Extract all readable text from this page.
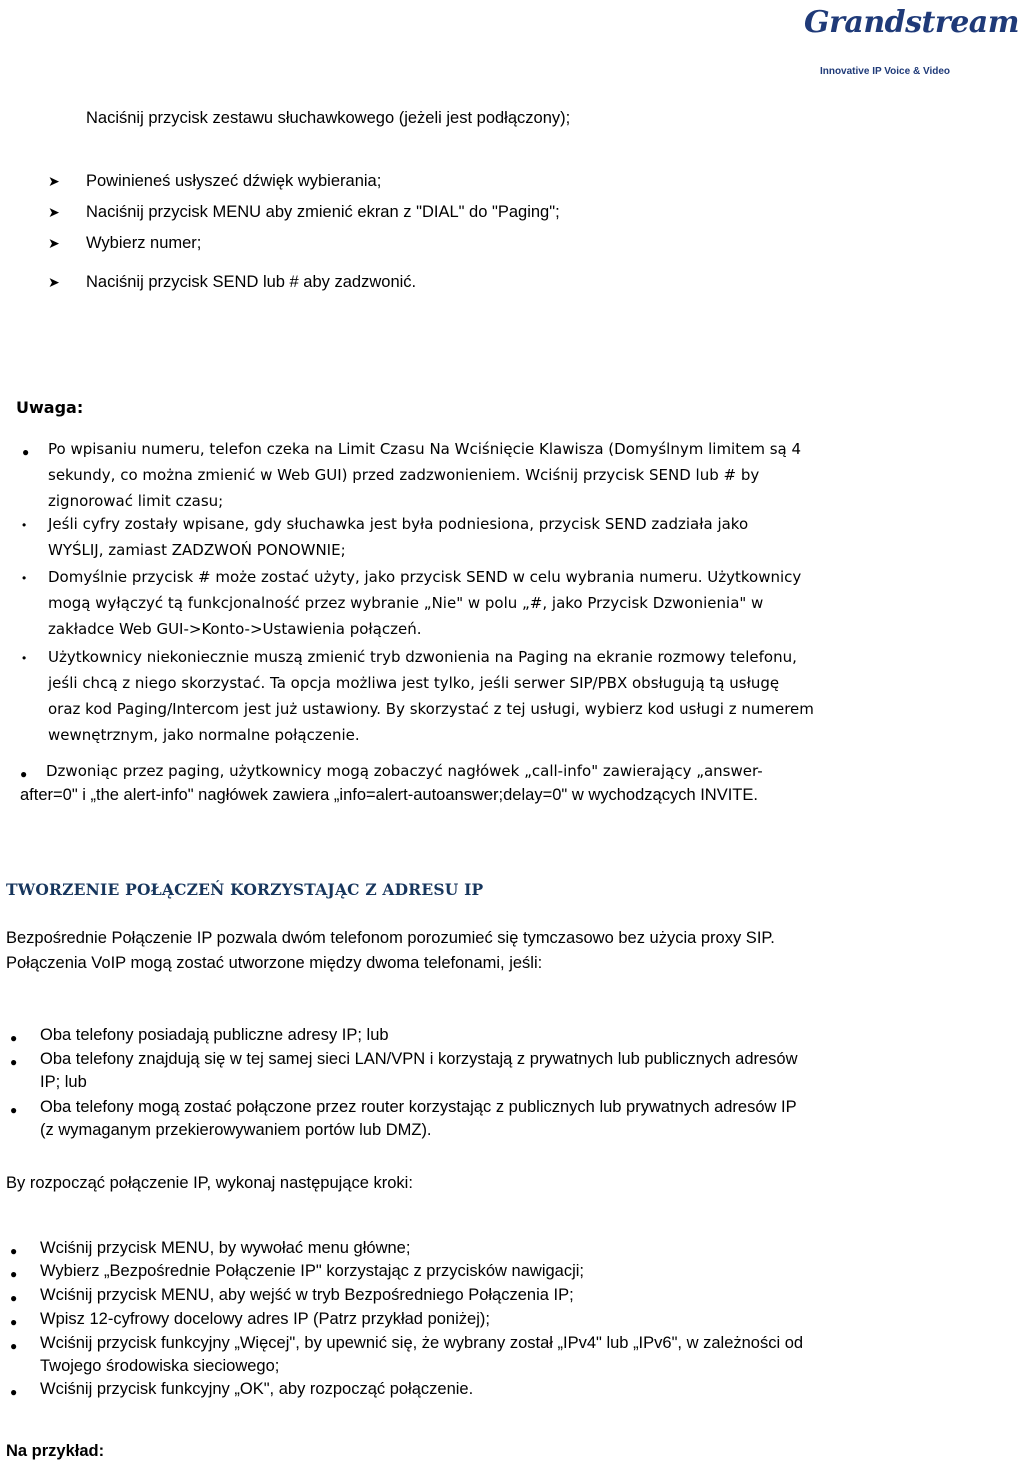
Grandstream
Innovative IP Voice & Video
Naciśnij przycisk zestawu słuchawkowego (jeżeli jest podłączony);
➤ Powinieneś usłyszeć dźwięk wybierania;
➤ Naciśnij przycisk MENU aby zmienić ekran z "DIAL" do "Paging";
➤ Wybierz numer;
➤ Naciśnij przycisk SEND lub # aby zadzwonić.
Uwaga:
● Po wpisaniu numeru, telefon czeka na Limit Czasu Na Wciśnięcie Klawisza (Domyślnym limitem są 4
sekundy, co można zmienić w Web GUI) przed zadzwonieniem. Wciśnij przycisk SEND lub # by
zignorować limit czasu;
• Jeśli cyfry zostały wpisane, gdy słuchawka jest była podniesiona, przycisk SEND zadziała jako
WYŚLIJ, zamiast ZADZWOŃ PONOWNIE;
• Domyślnie przycisk # może zostać użyty, jako przycisk SEND w celu wybrania numeru. Użytkownicy
mogą wyłączyć tą funkcjonalność przez wybranie „Nie" w polu „#, jako Przycisk Dzwonienia" w
zakładce Web GUI->Konto->Ustawienia połączeń.
• Użytkownicy niekoniecznie muszą zmienić tryb dzwonienia na Paging na ekranie rozmowy telefonu,
jeśli chcą z niego skorzystać. Ta opcja możliwa jest tylko, jeśli serwer SIP/PBX obsługują tą usługę
oraz kod Paging/Intercom jest już ustawiony. By skorzystać z tej usługi, wybierz kod usługi z numerem
wewnętrznym, jako normalne połączenie.
● Dzwoniąc przez paging, użytkownicy mogą zobaczyć nagłówek „call-info" zawierający „answer-
after=0" i „the alert-info" nagłówek zawiera „info=alert-autoanswer;delay=0" w wychodzących INVITE.
TWORZENIE POŁĄCZEŃ KORZYSTAJĄC Z ADRESU IP
Bezpośrednie Połączenie IP pozwala dwóm telefonom porozumieć się tymczasowo bez użycia proxy SIP.
Połączenia VoIP mogą zostać utworzone między dwoma telefonami, jeśli:
● Oba telefony posiadają publiczne adresy IP; lub
● Oba telefony znajdują się w tej samej sieci LAN/VPN i korzystają z prywatnych lub publicznych adresów
IP; lub
● Oba telefony mogą zostać połączone przez router korzystając z publicznych lub prywatnych adresów IP
(z wymaganym przekierowywaniem portów lub DMZ).
By rozpocząć połączenie IP, wykonaj następujące kroki:
● Wciśnij przycisk MENU, by wywołać menu główne;
● Wybierz „Bezpośrednie Połączenie IP" korzystając z przycisków nawigacji;
● Wciśnij przycisk MENU, aby wejść w tryb Bezpośredniego Połączenia IP;
● Wpisz 12-cyfrowy docelowy adres IP (Patrz przykład poniżej);
● Wciśnij przycisk funkcyjny „Więcej", by upewnić się, że wybrany został „IPv4" lub „IPv6", w zależności od
Twojego środowiska sieciowego;
● Wciśnij przycisk funkcyjny „OK", aby rozpocząć połączenie.
Na przykład:
